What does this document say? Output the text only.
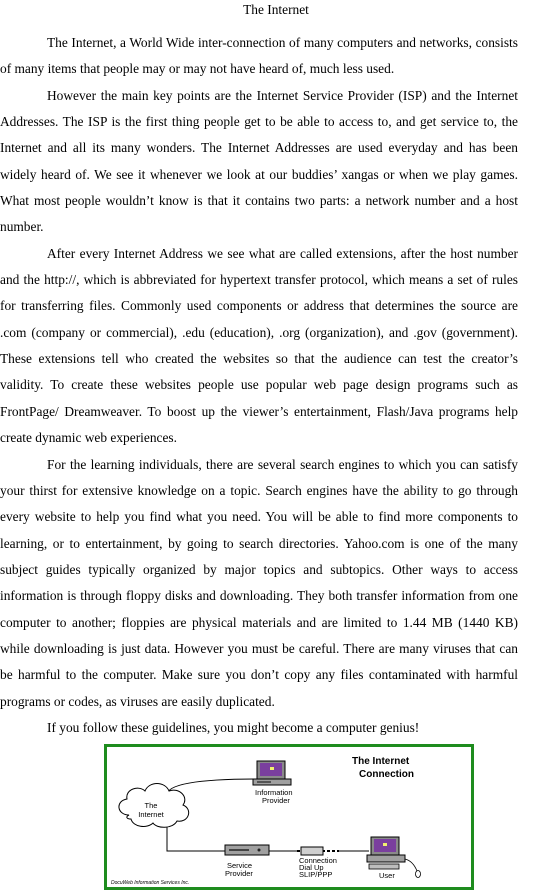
The Internet

The Internet, a World Wide inter-connection of many computers and networks, consists of many items that people may or may not have heard of, much less used.

However the main key points are the Internet Service Provider (ISP) and the Internet Addresses. The ISP is the first thing people get to be able to access to, and get service to, the Internet and all its many wonders. The Internet Addresses are used everyday and has been widely heard of. We see it whenever we look at our buddies’ xangas or when we play games. What most people wouldn’t know is that it contains two parts: a network number and a host number.

After every Internet Address we see what are called extensions, after the host number and the http://, which is abbreviated for hypertext transfer protocol, which means a set of rules for transferring files. Commonly used components or address that determines the source are .com (company or commercial), .edu (education), .org (organization), and .gov (government). These extensions tell who created the websites so that the audience can test the creator’s validity. To create these websites people use popular web page design programs such as FrontPage/ Dreamweaver. To boost up the viewer’s entertainment, Flash/Java programs help create dynamic web experiences.

For the learning individuals, there are several search engines to which you can satisfy your thirst for extensive knowledge on a topic. Search engines have the ability to go through every website to help you find what you need. You will be able to find more components to learning, or to entertainment, by going to search directories. Yahoo.com is one of the many subject guides typically organized by major topics and subtopics. Other ways to access information is through floppy disks and downloading. They both transfer information from one computer to another; floppies are physical materials and are limited to 1.44 MB (1440 KB) while downloading is just data. However you must be careful. There are many viruses that can be harmful to the computer. Make sure you don’t copy any files contaminated with harmful programs or codes, as viruses are easily duplicated.

If you follow these guidelines, you might become a computer genius!

The Internet
Connection
The
Internet
Information
Provider
Service
Provider
Connection
Dial Up
SLIP/PPP	User
DocuWeb Information Services Inc.
